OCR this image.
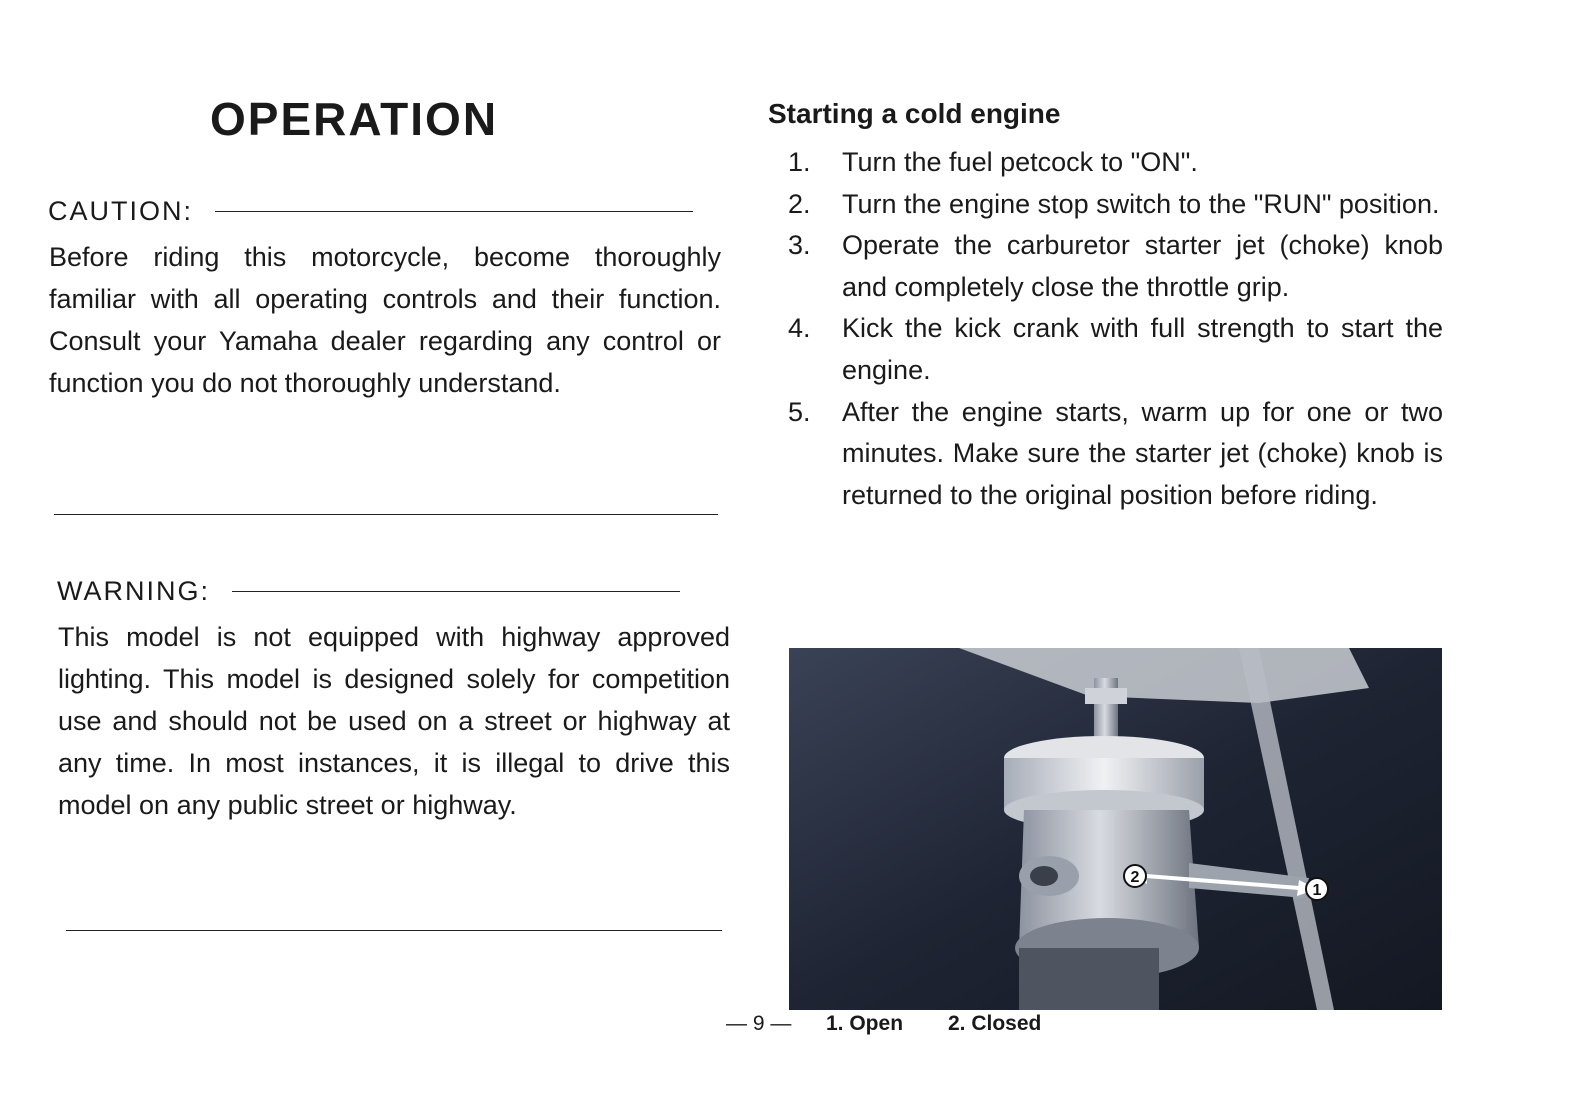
OPERATION
CAUTION:

Before riding this motorcycle, become thoroughly familiar with all operating controls and their function. Consult your Yamaha dealer regarding any control or function you do not thoroughly understand.

WARNING:

This model is not equipped with highway approved lighting. This model is designed solely for competition use and should not be used on a street or highway at any time. In most instances, it is illegal to drive this model on any public street or highway.

Starting a cold engine
1.	Turn the fuel petcock to "ON".
2.	Turn the engine stop switch to the "RUN" position.
3.	Operate the carburetor starter jet (choke) knob and completely close the throttle grip.
4.	Kick the kick crank with full strength to start the engine.
5.	After the engine starts, warm up for one or two minutes. Make sure the starter jet (choke) knob is returned to the original position before riding.
2
1
— 9 — 1. Open 2. Closed
